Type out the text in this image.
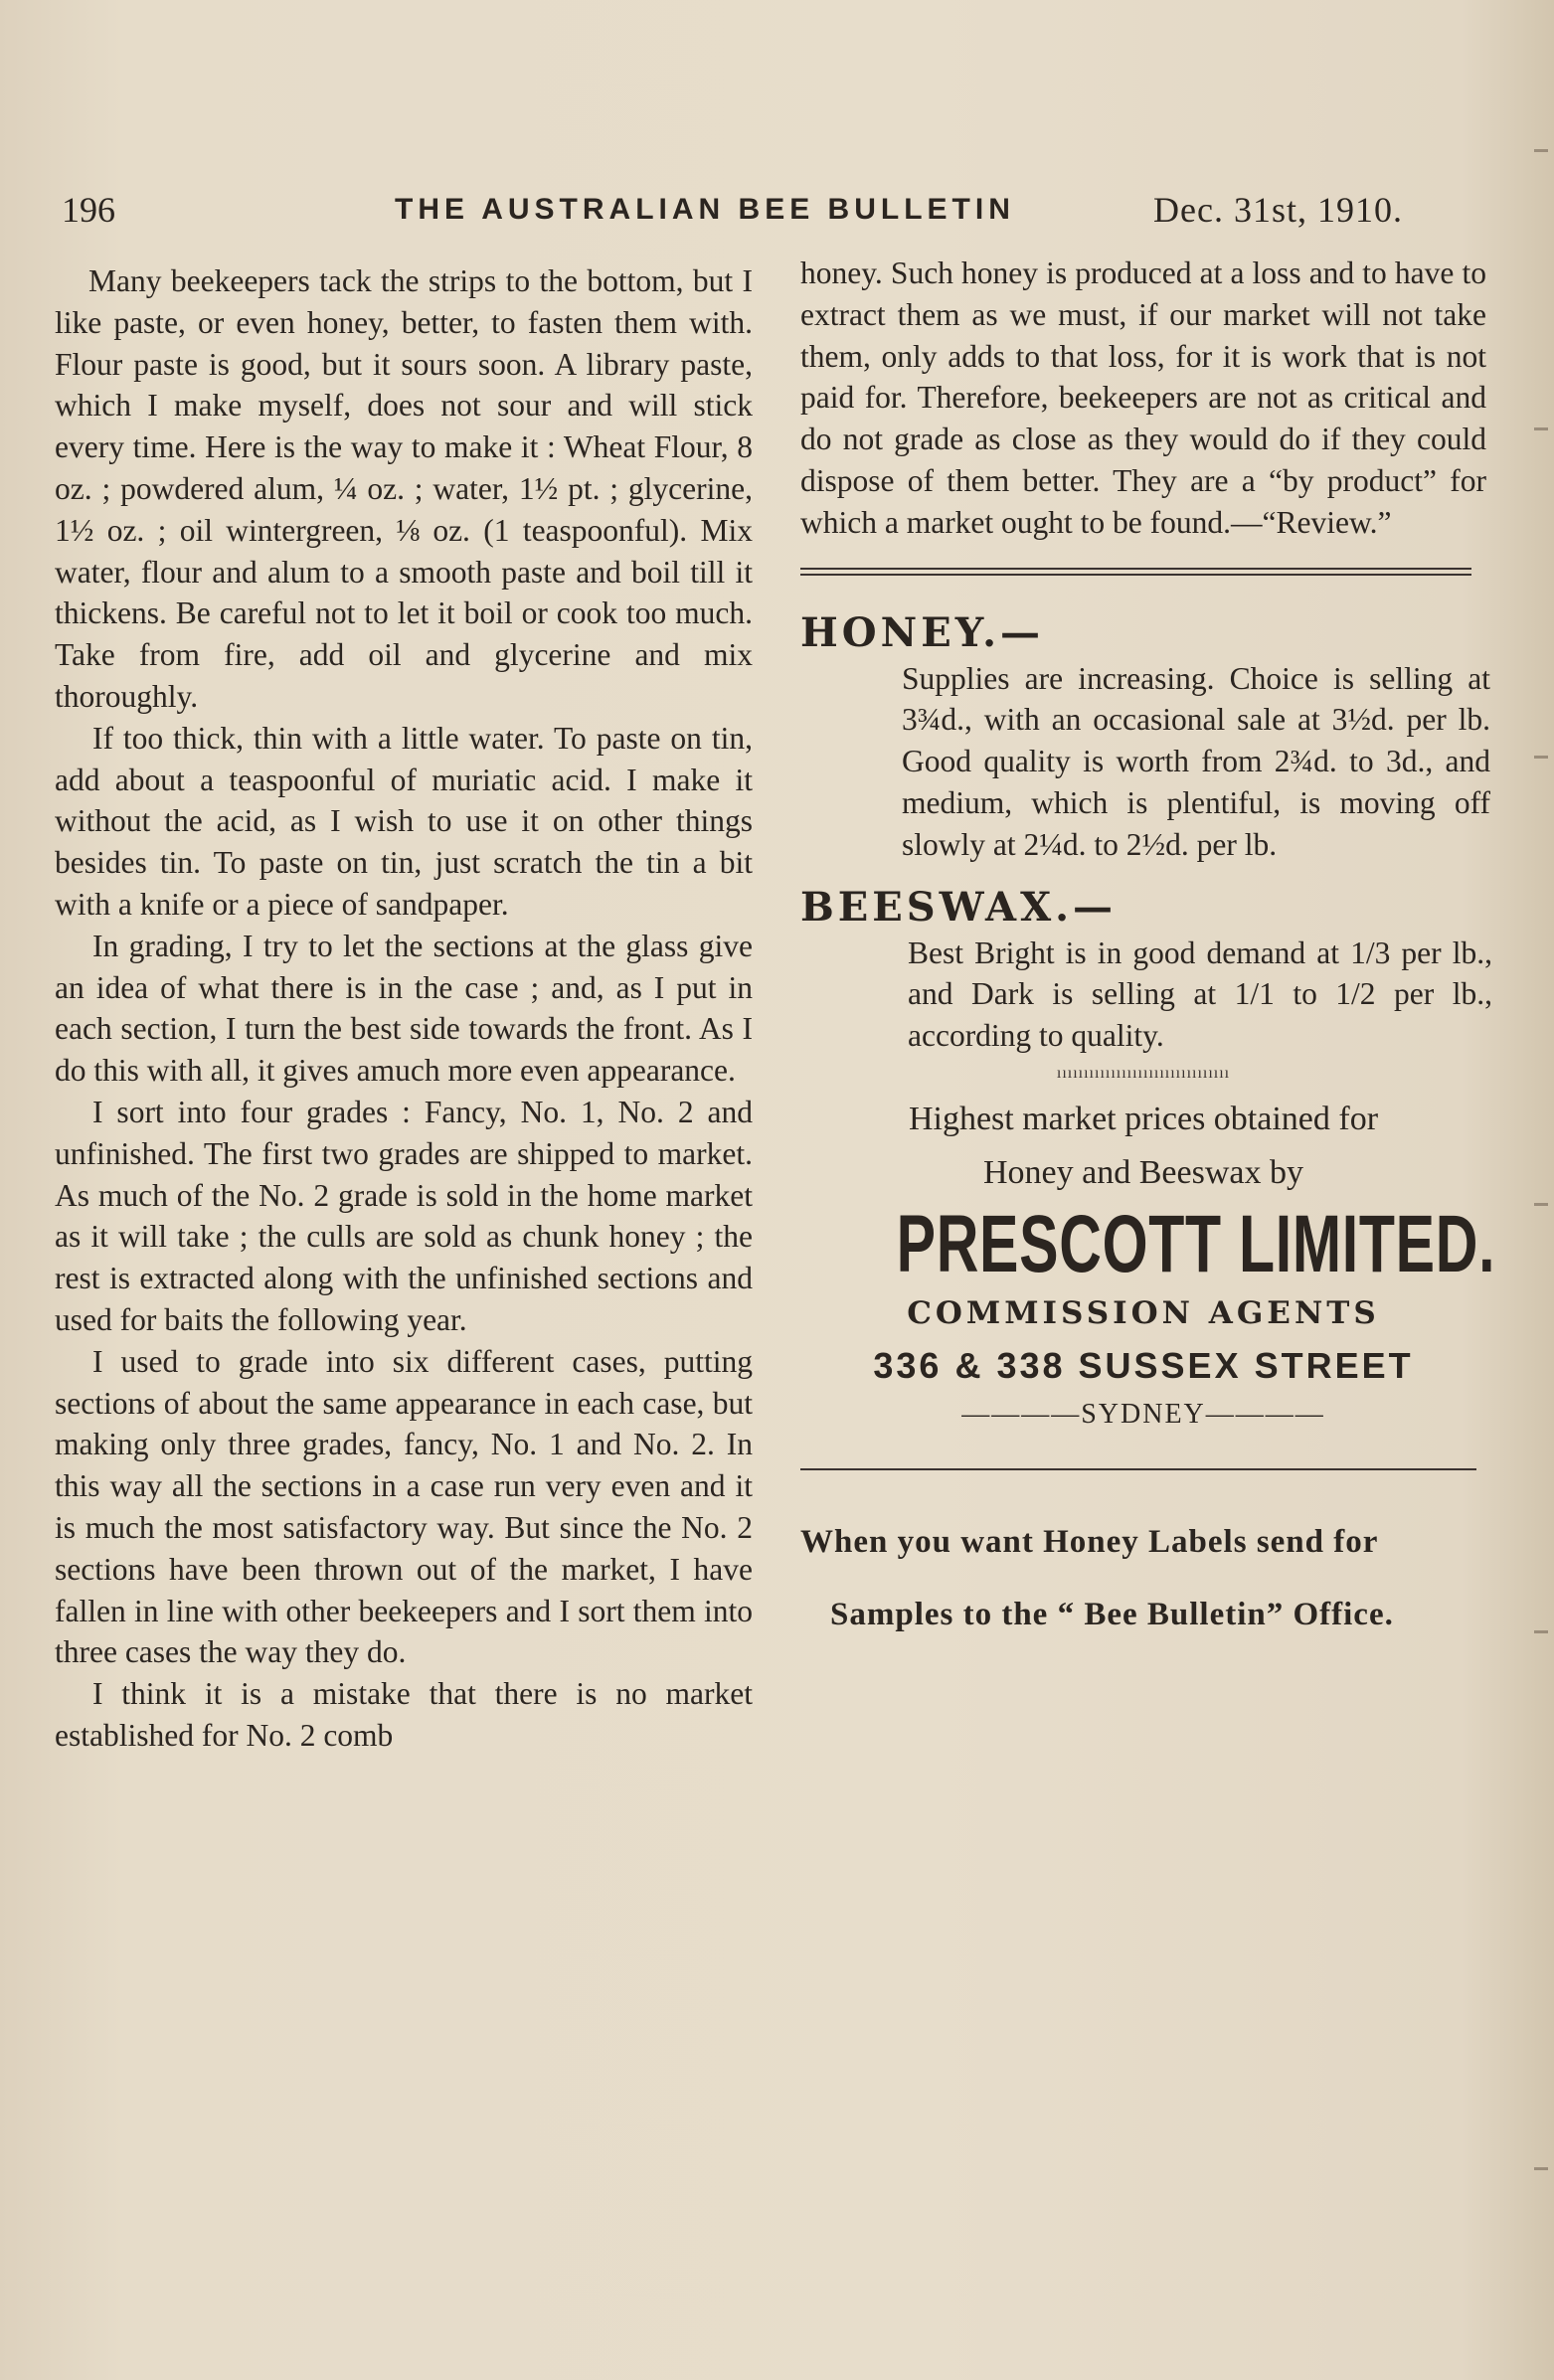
196	THE AUSTRALIAN BEE BULLETIN	Dec. 31st, 1910.

Many beekeepers tack the strips to the bottom, but I like paste, or even honey, better, to fasten them with. Flour paste is good, but it sours soon. A library paste, which I make myself, does not sour and will stick every time. Here is the way to make it : Wheat Flour, 8 oz. ; powdered alum, ¼ oz. ; water, 1½ pt. ; glycerine, 1½ oz. ; oil wintergreen, ⅛ oz. (1 teaspoonful). Mix water, flour and alum to a smooth paste and boil till it thickens. Be careful not to let it boil or cook too much. Take from fire, add oil and glycerine and mix thoroughly.

If too thick, thin with a little water. To paste on tin, add about a teaspoonful of muriatic acid. I make it without the acid, as I wish to use it on other things besides tin. To paste on tin, just scratch the tin a bit with a knife or a piece of sandpaper.

In grading, I try to let the sections at the glass give an idea of what there is in the case ; and, as I put in each section, I turn the best side towards the front. As I do this with all, it gives amuch more even appearance.

I sort into four grades : Fancy, No. 1, No. 2 and unfinished. The first two grades are shipped to market. As much of the No. 2 grade is sold in the home market as it will take ; the culls are sold as chunk honey ; the rest is extracted along with the unfinished sections and used for baits the following year.

I used to grade into six different cases, putting sections of about the same appearance in each case, but making only three grades, fancy, No. 1 and No. 2. In this way all the sections in a case run very even and it is much the most satisfactory way. But since the No. 2 sections have been thrown out of the market, I have fallen in line with other beekeepers and I sort them into three cases the way they do.

I think it is a mistake that there is no market established for No. 2 comb

honey. Such honey is produced at a loss and to have to extract them as we must, if our market will not take them, only adds to that loss, for it is work that is not paid for. Therefore, beekeepers are not as critical and do not grade as close as they would do if they could dispose of them better. They are a “by product” for which a market ought to be found.—“Review.”

HONEY.—

Supplies are increasing. Choice is selling at 3¾d., with an occasional sale at 3½d. per lb. Good quality is worth from 2¾d. to 3d., and medium, which is plentiful, is moving off slowly at 2¼d. to 2½d. per lb.

BEESWAX.—

Best Bright is in good demand at 1/3 per lb., and Dark is selling at 1/1 to 1/2 per lb., according to quality.

ıııııııııııııııııııııııııııııııı
Highest market prices obtained for
Honey and Beeswax by
PRESCOTT LIMITED.
COMMISSION AGENTS
336 & 338 SUSSEX STREET
————SYDNEY————
When you want Honey Labels send for
Samples to the “ Bee Bulletin” Office.
